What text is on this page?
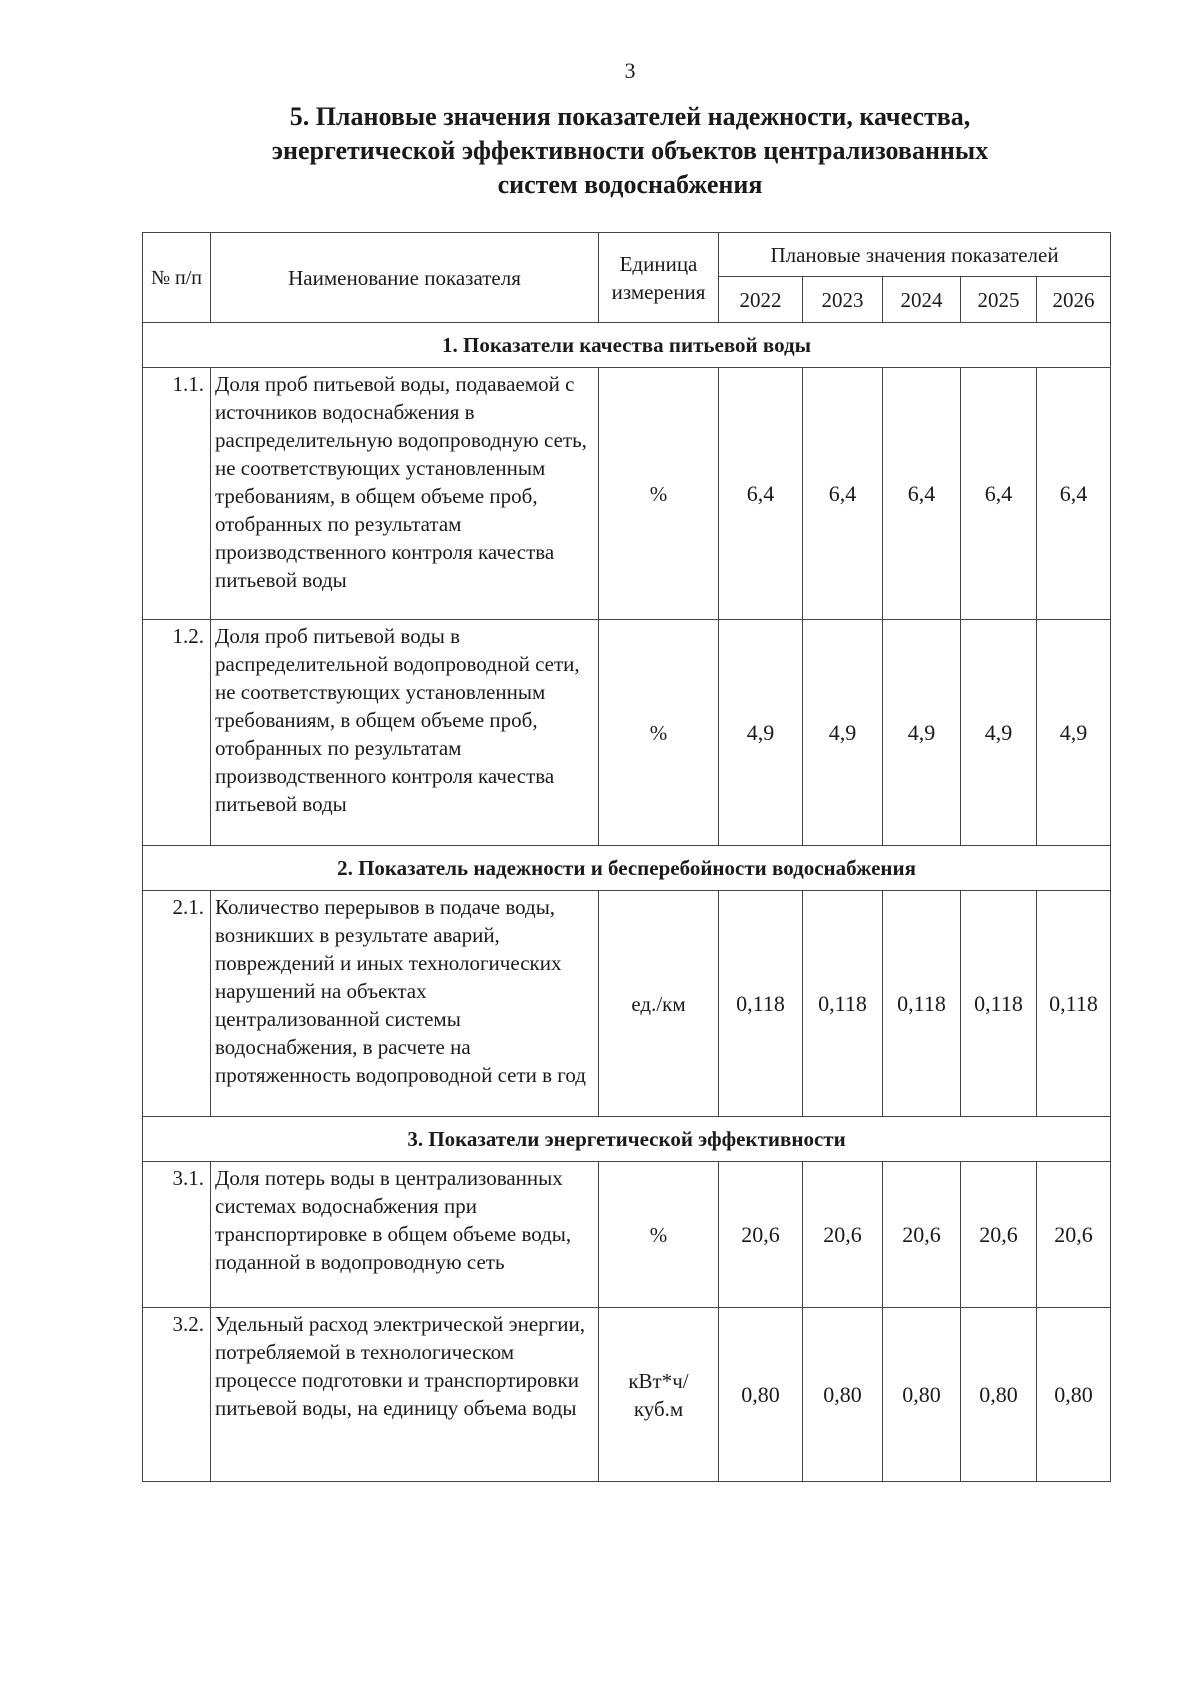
3
5. Плановые значения показателей надежности, качества,
энергетической эффективности объектов централизованных
систем водоснабжения
№ п/п	Наименование показателя	Единица измерения	Плановые значения показателей				
			2022	2023	2024	2025	2026
1. Показатели качества питьевой воды							
1.1.	Доля проб питьевой воды, подаваемой с источников водоснабжения в распределительную водопроводную сеть, не соответствующих установленным требованиям, в общем объеме проб, отобранных по результатам производственного контроля качества питьевой воды	%	6,4	6,4	6,4	6,4	6,4
1.2.	Доля проб питьевой воды в распределительной водопроводной сети, не соответствующих установленным требованиям, в общем объеме проб, отобранных по результатам производственного контроля качества питьевой воды	%	4,9	4,9	4,9	4,9	4,9
2. Показатель надежности и бесперебойности водоснабжения							
2.1.	Количество перерывов в подаче воды, возникших в результате аварий, повреждений и иных технологических нарушений на объектах централизованной системы водоснабжения, в расчете на протяженность водопроводной сети в год	ед./км	0,118	0,118	0,118	0,118	0,118
3. Показатели энергетической эффективности							
3.1.	Доля потерь воды в централизованных системах водоснабжения при транспортировке в общем объеме воды, поданной в водопроводную сеть	%	20,6	20,6	20,6	20,6	20,6
3.2.	Удельный расход электрической энергии, потребляемой в технологическом процессе подготовки и транспортировки питьевой воды, на единицу объема воды	кВт*ч/ куб.м	0,80	0,80	0,80	0,80	0,80
